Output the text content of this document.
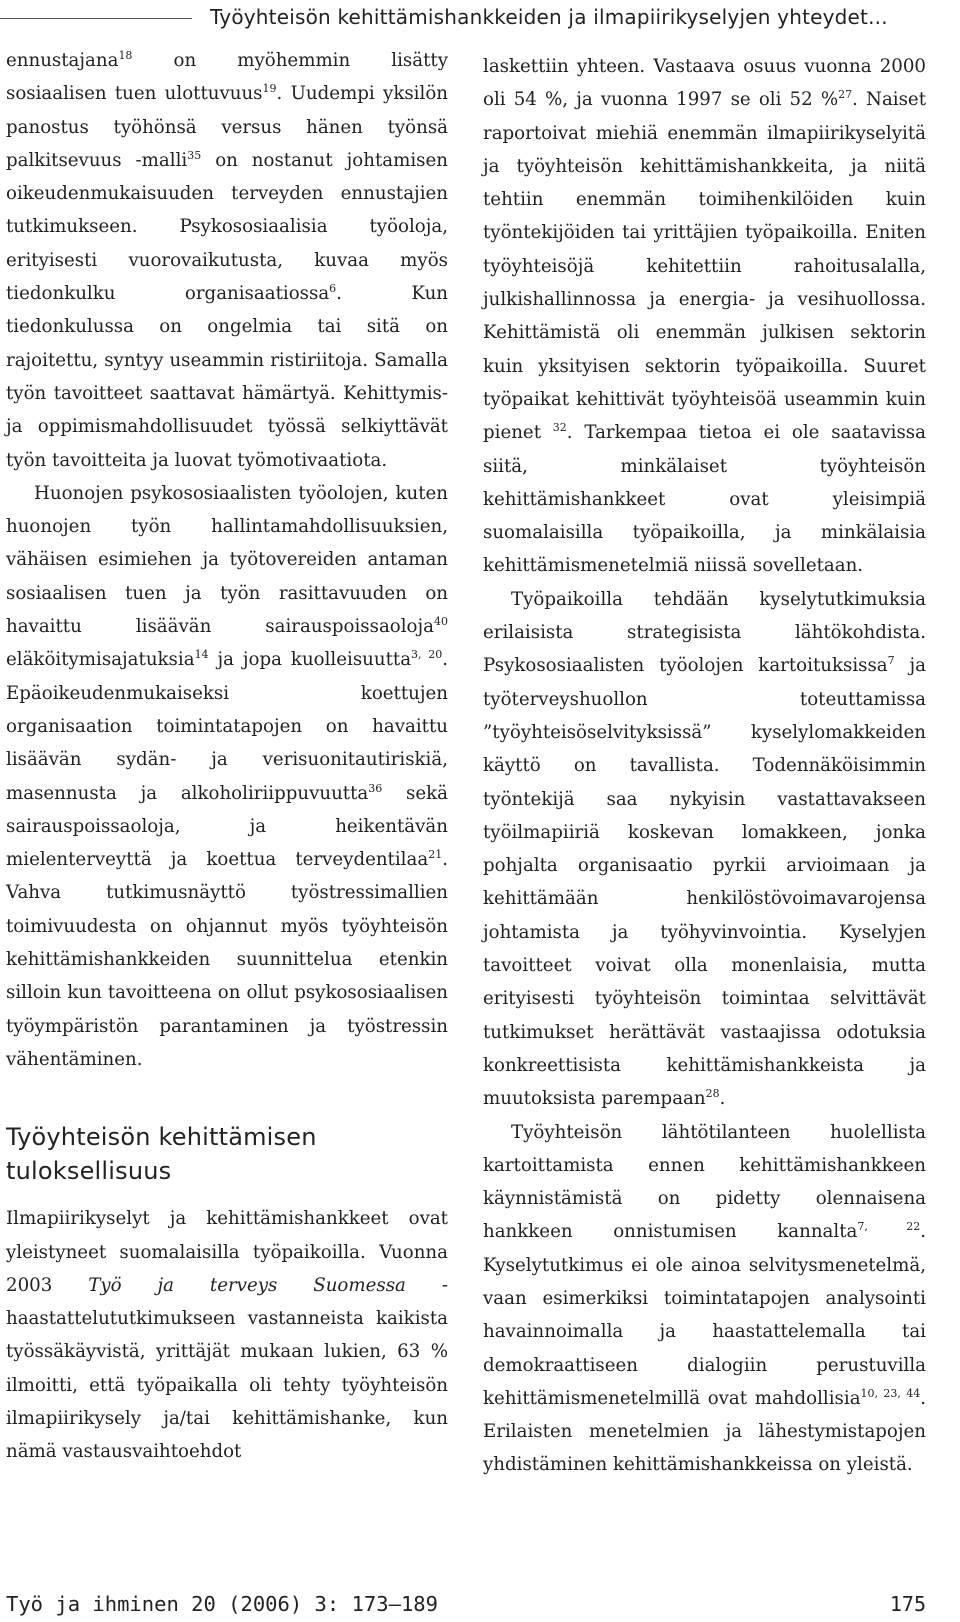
Työyhteisön kehittämishankkeiden ja ilmapiirikyselyjen yhteydet...

ennustajana$^{18}$ on myöhemmin lisätty sosiaalisen tuen ulottuvuus$^{19}$. Uudempi yksilön panostus työhönsä versus hänen työnsä palkitsevuus -malli$^{35}$ on nostanut johtamisen oikeudenmukaisuuden terveyden ennustajien tutkimukseen. Psykososiaalisia työoloja, erityisesti vuorovaikutusta, kuvaa myös tiedonkulku organisaatiossa$^6$. Kun tiedonkulussa on ongelmia tai sitä on rajoitettu, syntyy useammin ristiriitoja. Samalla työn tavoitteet saattavat hämärtyä. Kehittymis- ja oppimismahdollisuudet työssä selkiyttävät työn tavoitteita ja luovat työmotivaatiota.

Huonojen psykososiaalisten työolojen, kuten huonojen työn hallintamahdollisuuksien, vähäisen esimiehen ja työtovereiden antaman sosiaalisen tuen ja työn rasittavuuden on havaittu lisäävän sairauspoissaoloja$^{40}$ eläköitymisajatuksia$^{14}$ ja jopa kuolleisuutta$^{3, 20}$. Epäoikeudenmukaiseksi koettujen organisaation toimintatapojen on havaittu lisäävän sydän- ja verisuonitautiriskiä, masennusta ja alkoholiriippuvuutta$^{36}$ sekä sairauspoissaoloja, ja heikentävän mielenterveyttä ja koettua terveydentilaa$^{21}$. Vahva tutkimusnäyttö työstressimallien toimivuudesta on ohjannut myös työyhteisön kehittämishankkeiden suunnittelua etenkin silloin kun tavoitteena on ollut psykososiaalisen työympäristön parantaminen ja työstressin vähentäminen.

Työyhteisön kehittämisen tuloksellisuus

Ilmapiirikyselyt ja kehittämishankkeet ovat yleistyneet suomalaisilla työpaikoilla. Vuonna 2003 Työ ja terveys Suomessa -haastattelututkimukseen vastanneista kaikista työssäkäyvistä, yrittäjät mukaan lukien, 63 % ilmoitti, että työpaikalla oli tehty työyhteisön ilmapiirikysely ja/tai kehittämishanke, kun nämä vastausvaihtoehdot

laskettiin yhteen. Vastaava osuus vuonna 2000 oli 54 %, ja vuonna 1997 se oli 52 %$^{27}$. Naiset raportoivat miehiä enemmän ilmapiirikyselyitä ja työyhteisön kehittämishankkeita, ja niitä tehtiin enemmän toimihenkilöiden kuin työntekijöiden tai yrittäjien työpaikoilla. Eniten työyhteisöjä kehitettiin rahoitusalalla, julkishallinnossa ja energia- ja vesihuollossa. Kehittämistä oli enemmän julkisen sektorin kuin yksityisen sektorin työpaikoilla. Suuret työpaikat kehittivät työyhteisöä useammin kuin pienet $^{32}$. Tarkempaa tietoa ei ole saatavissa siitä, minkälaiset työyhteisön kehittämishankkeet ovat yleisimpiä suomalaisilla työpaikoilla, ja minkälaisia kehittämismenetelmiä niissä sovelletaan.

Työpaikoilla tehdään kyselytutkimuksia erilaisista strategisista lähtökohdista. Psykososiaalisten työolojen kartoituksissa$^7$ ja työterveyshuollon toteuttamissa ”työyhteisöselvityksissä” kyselylomakkeiden käyttö on tavallista. Todennäköisimmin työntekijä saa nykyisin vastattavakseen työilmapiiriä koskevan lomakkeen, jonka pohjalta organisaatio pyrkii arvioimaan ja kehittämään henkilöstövoimavarojensa johtamista ja työhyvinvointia. Kyselyjen tavoitteet voivat olla monenlaisia, mutta erityisesti työyhteisön toimintaa selvittävät tutkimukset herättävät vastaajissa odotuksia konkreettisista kehittämishankkeista ja muutoksista parempaan$^{28}$.

Työyhteisön lähtötilanteen huolellista kartoittamista ennen kehittämishankkeen käynnistämistä on pidetty olennaisena hankkeen onnistumisen kannalta$^{7, 22}$. Kyselytutkimus ei ole ainoa selvitysmenetelmä, vaan esimerkiksi toimintatapojen analysointi havainnoimalla ja haastattelemalla tai demokraattiseen dialogiin perustuvilla kehittämismenetelmillä ovat mahdollisia$^{10, 23, 44}$. Erilaisten menetelmien ja lähestymistapojen yhdistäminen kehittämishankkeissa on yleistä.

Työ ja ihminen 20 (2006) 3: 173—189	175
